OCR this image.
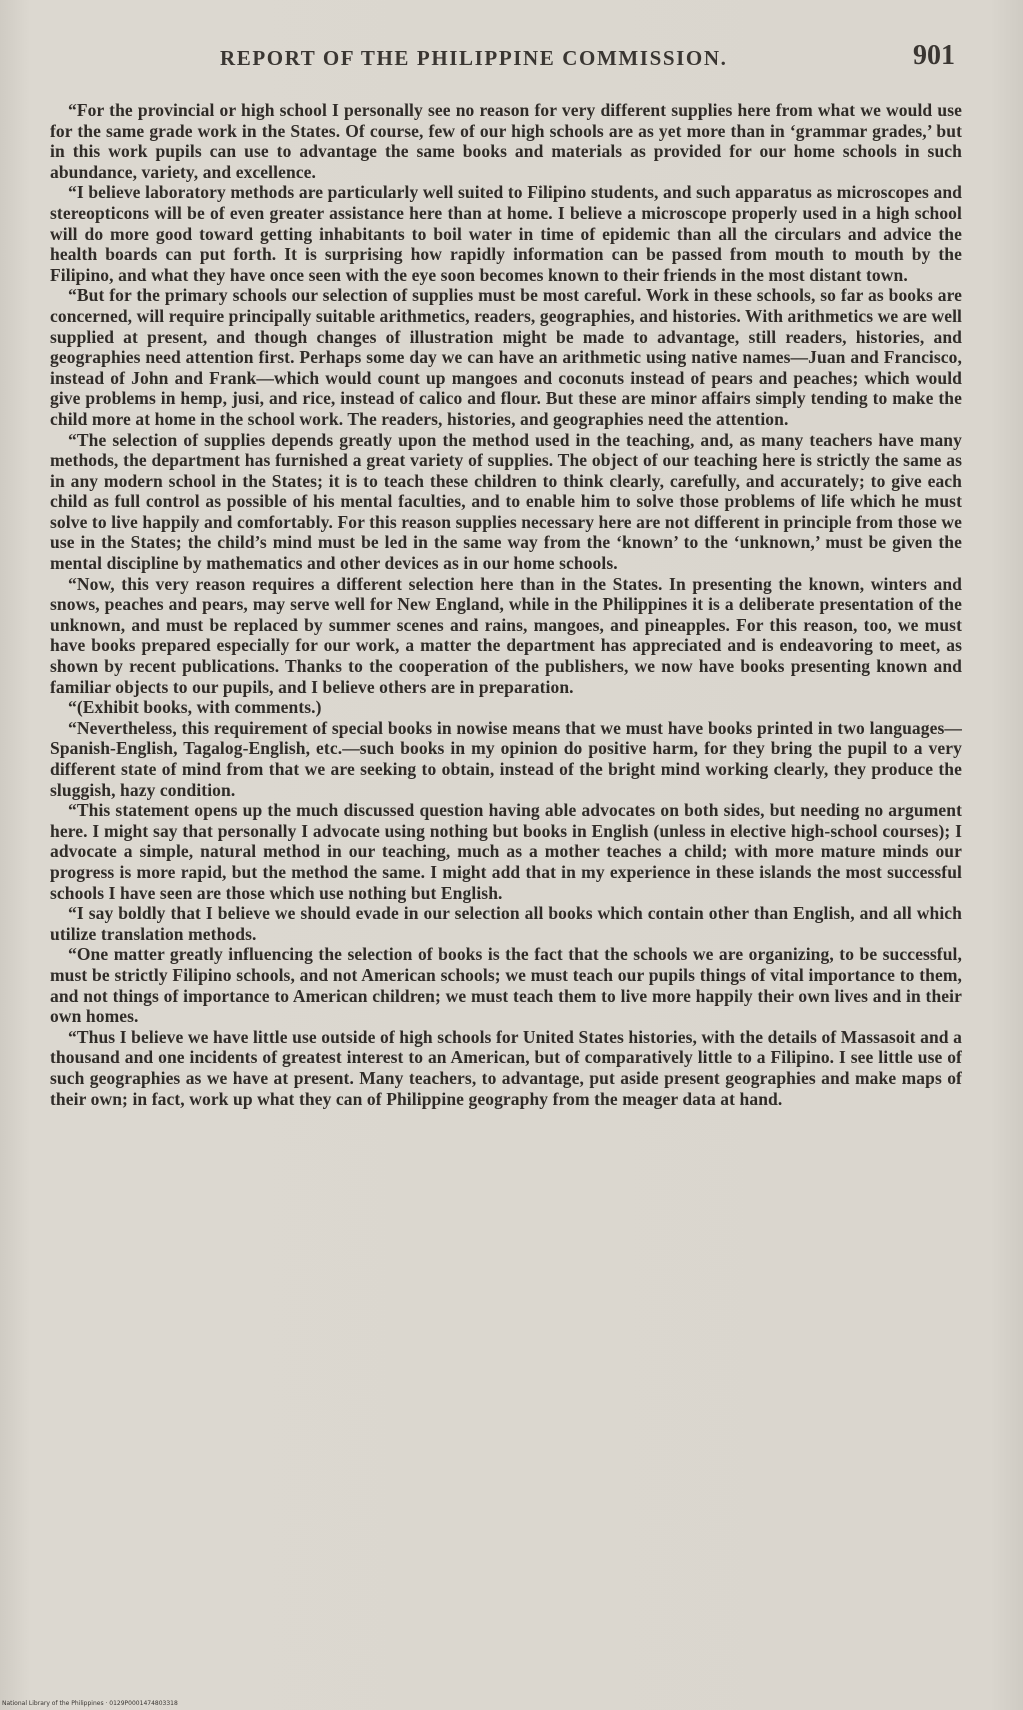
REPORT OF THE PHILIPPINE COMMISSION.	901

“For the provincial or high school I personally see no reason for very different supplies here from what we would use for the same grade work in the States. Of course, few of our high schools are as yet more than in ‘grammar grades,’ but in this work pupils can use to advantage the same books and materials as provided for our home schools in such abundance, variety, and excellence.

“I believe laboratory methods are particularly well suited to Filipino students, and such apparatus as microscopes and stereopticons will be of even greater assistance here than at home. I believe a microscope properly used in a high school will do more good toward getting inhabitants to boil water in time of epidemic than all the circulars and advice the health boards can put forth. It is surprising how rapidly information can be passed from mouth to mouth by the Filipino, and what they have once seen with the eye soon becomes known to their friends in the most distant town.

“But for the primary schools our selection of supplies must be most careful. Work in these schools, so far as books are concerned, will require principally suitable arithmetics, readers, geographies, and histories. With arithmetics we are well supplied at present, and though changes of illustration might be made to advantage, still readers, histories, and geographies need attention first. Perhaps some day we can have an arithmetic using native names—Juan and Francisco, instead of John and Frank—which would count up mangoes and coconuts instead of pears and peaches; which would give problems in hemp, jusi, and rice, instead of calico and flour. But these are minor affairs simply tending to make the child more at home in the school work. The readers, histories, and geographies need the attention.

“The selection of supplies depends greatly upon the method used in the teaching, and, as many teachers have many methods, the department has furnished a great variety of supplies. The object of our teaching here is strictly the same as in any modern school in the States; it is to teach these children to think clearly, carefully, and accurately; to give each child as full control as possible of his mental faculties, and to enable him to solve those problems of life which he must solve to live happily and comfortably. For this reason supplies necessary here are not different in principle from those we use in the States; the child’s mind must be led in the same way from the ‘known’ to the ‘unknown,’ must be given the mental discipline by mathematics and other devices as in our home schools.

“Now, this very reason requires a different selection here than in the States. In presenting the known, winters and snows, peaches and pears, may serve well for New England, while in the Philippines it is a deliberate presentation of the unknown, and must be replaced by summer scenes and rains, mangoes, and pineapples. For this reason, too, we must have books prepared especially for our work, a matter the department has appreciated and is endeavoring to meet, as shown by recent publications. Thanks to the cooperation of the publishers, we now have books presenting known and familiar objects to our pupils, and I believe others are in preparation.

“(Exhibit books, with comments.)

“Nevertheless, this requirement of special books in nowise means that we must have books printed in two languages—Spanish-English, Tagalog-English, etc.—such books in my opinion do positive harm, for they bring the pupil to a very different state of mind from that we are seeking to obtain, instead of the bright mind working clearly, they produce the sluggish, hazy condition.

“This statement opens up the much discussed question having able advocates on both sides, but needing no argument here. I might say that personally I advocate using nothing but books in English (unless in elective high-school courses); I advocate a simple, natural method in our teaching, much as a mother teaches a child; with more mature minds our progress is more rapid, but the method the same. I might add that in my experience in these islands the most successful schools I have seen are those which use nothing but English.

“I say boldly that I believe we should evade in our selection all books which contain other than English, and all which utilize translation methods.

“One matter greatly influencing the selection of books is the fact that the schools we are organizing, to be successful, must be strictly Filipino schools, and not American schools; we must teach our pupils things of vital importance to them, and not things of importance to American children; we must teach them to live more happily their own lives and in their own homes.

“Thus I believe we have little use outside of high schools for United States histories, with the details of Massasoit and a thousand and one incidents of greatest interest to an American, but of comparatively little to a Filipino. I see little use of such geographies as we have at present. Many teachers, to advantage, put aside present geographies and make maps of their own; in fact, work up what they can of Philippine geography from the meager data at hand.

National Library of the Philippines · 0129P0001474803318
